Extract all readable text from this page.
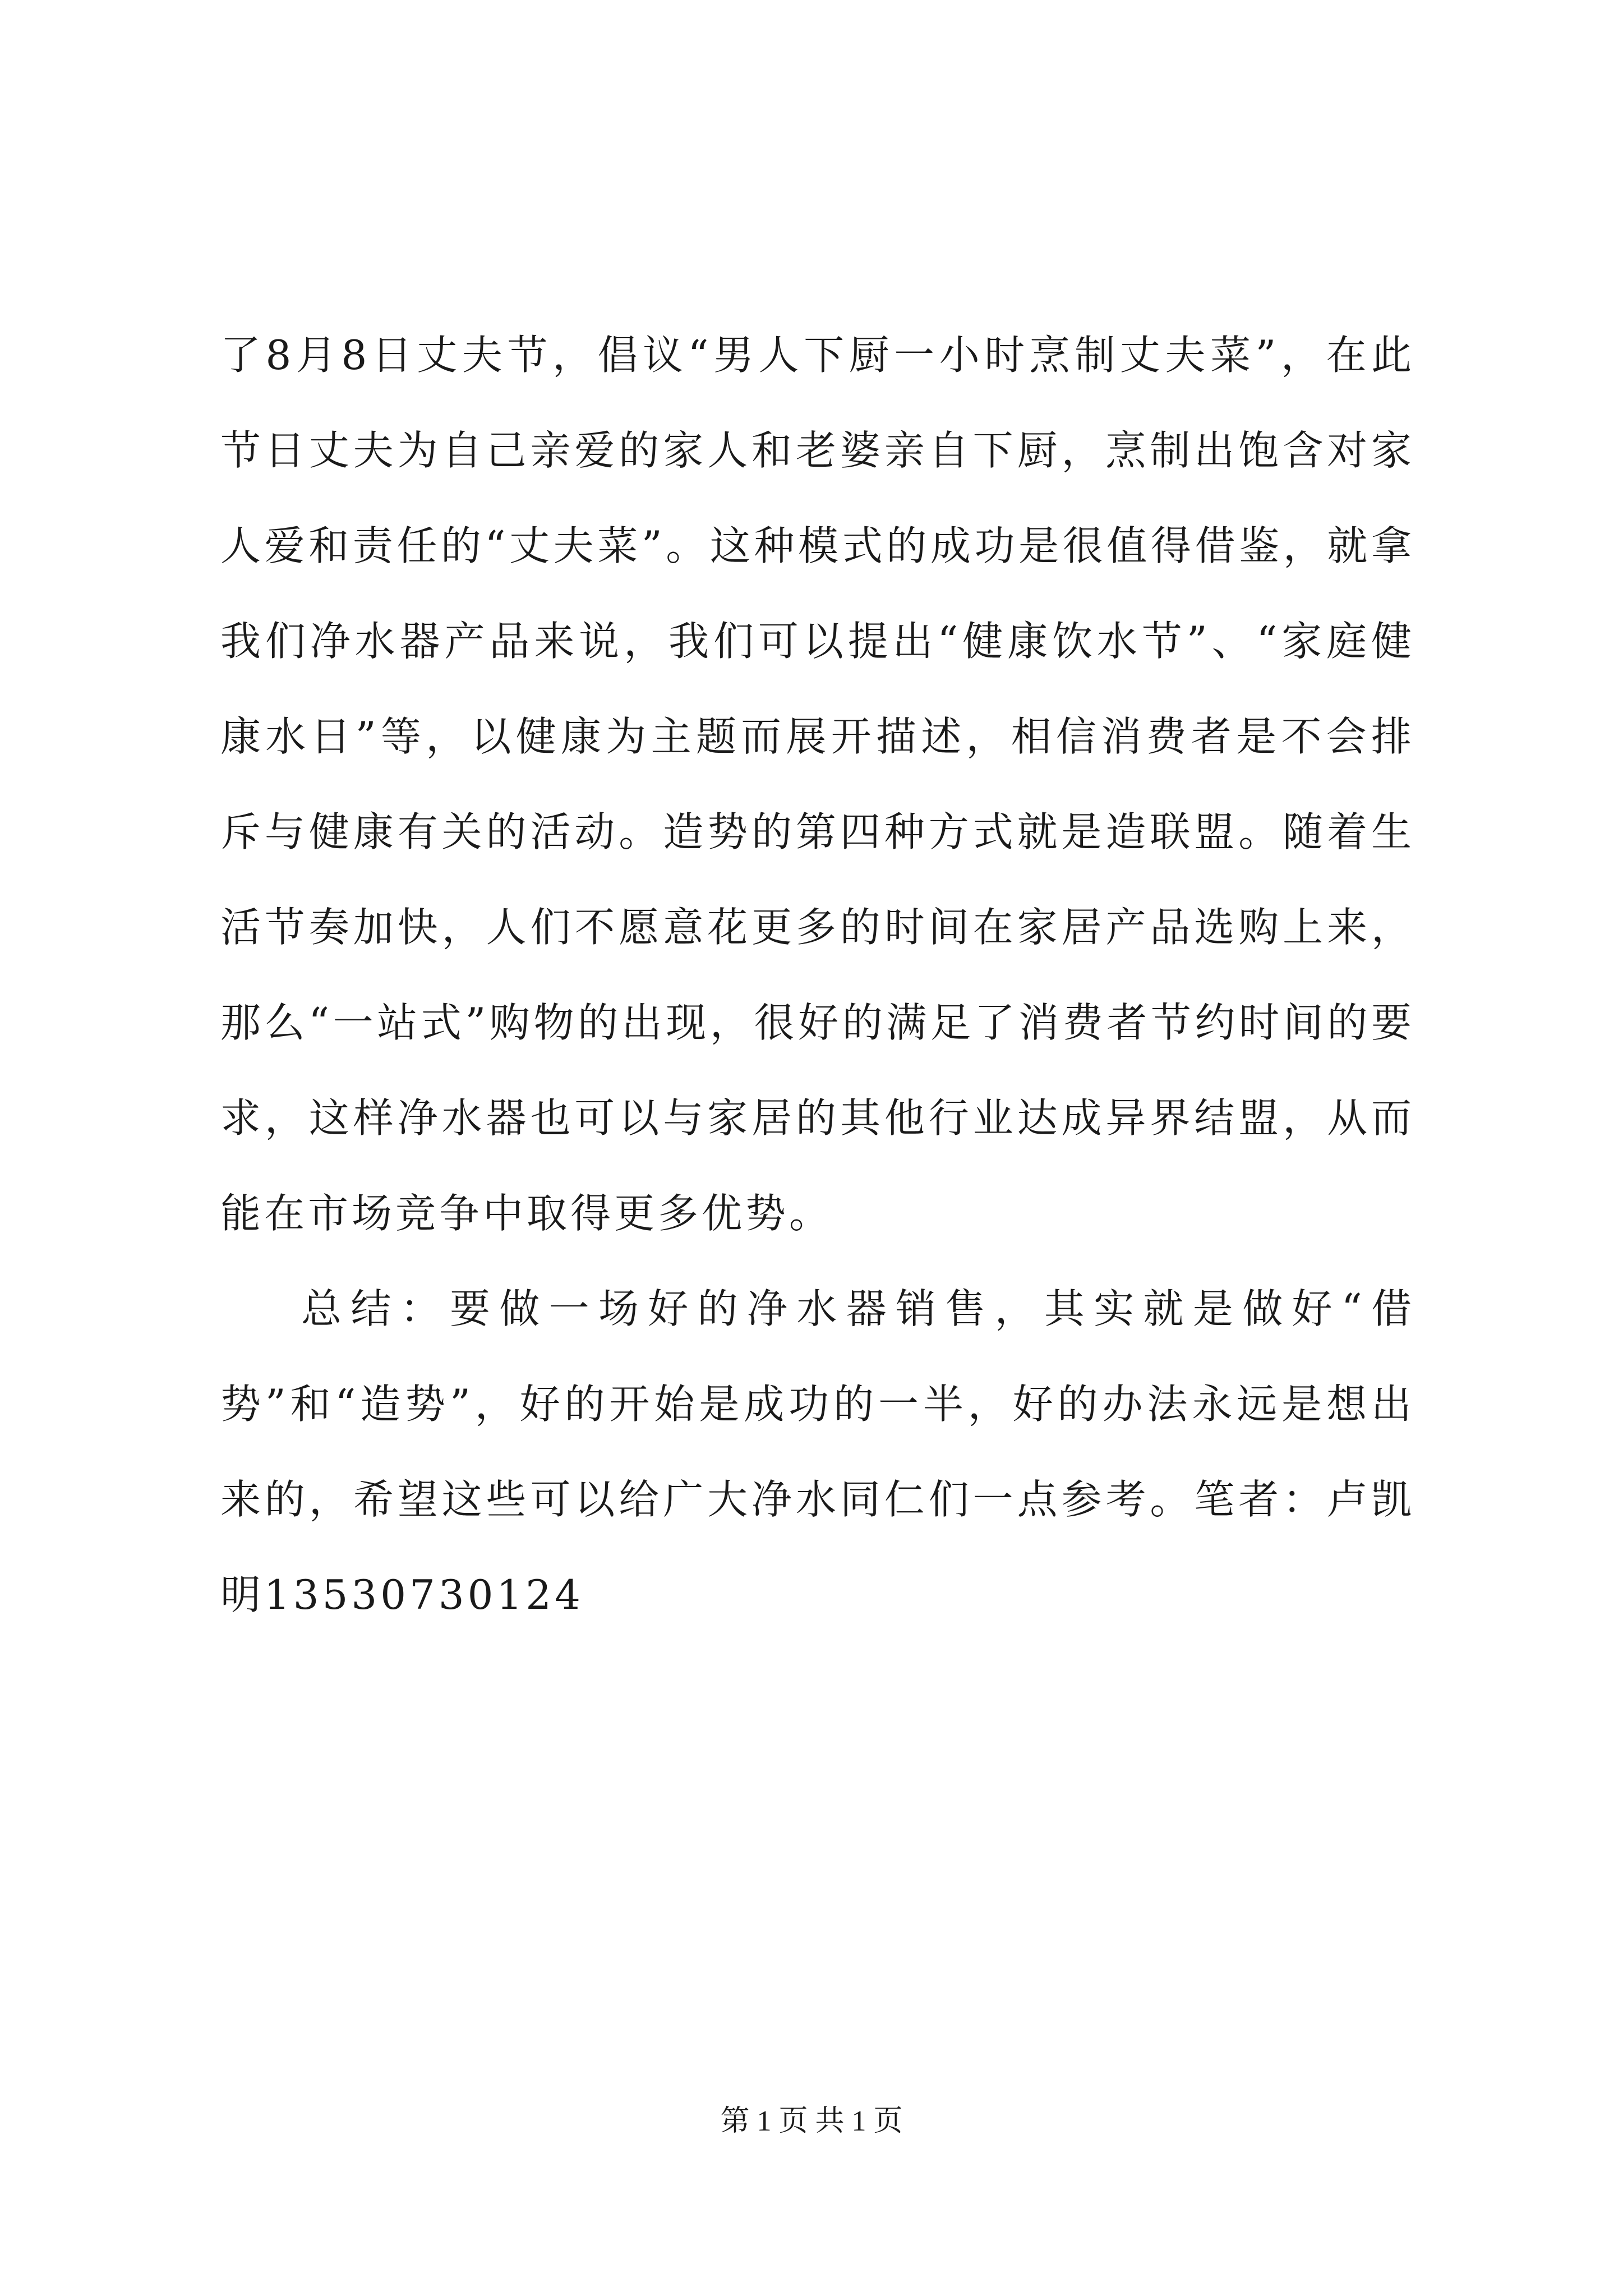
了8月8日丈夫节，倡议“男人下厨一小时烹制丈夫菜”，在此节日丈夫为自己亲爱的家人和老婆亲自下厨，烹制出饱含对家人爱和责任的“丈夫菜”。这种模式的成功是很值得借鉴，就拿我们净水器产品来说，我们可以提出“健康饮水节”、“家庭健康水日”等，以健康为主题而展开描述，相信消费者是不会排斥与健康有关的活动。造势的第四种方式就是造联盟。随着生活节奏加快，人们不愿意花更多的时间在家居产品选购上来，那么“一站式”购物的出现，很好的满足了消费者节约时间的要求，这样净水器也可以与家居的其他行业达成异界结盟，从而能在市场竞争中取得更多优势。

总结：要做一场好的净水器销售，其实就是做好“借势”和“造势”，好的开始是成功的一半，好的办法永远是想出来的，希望这些可以给广大净水同仁们一点参考。笔者：卢凯明13530730124

第 1 页 共 1 页
